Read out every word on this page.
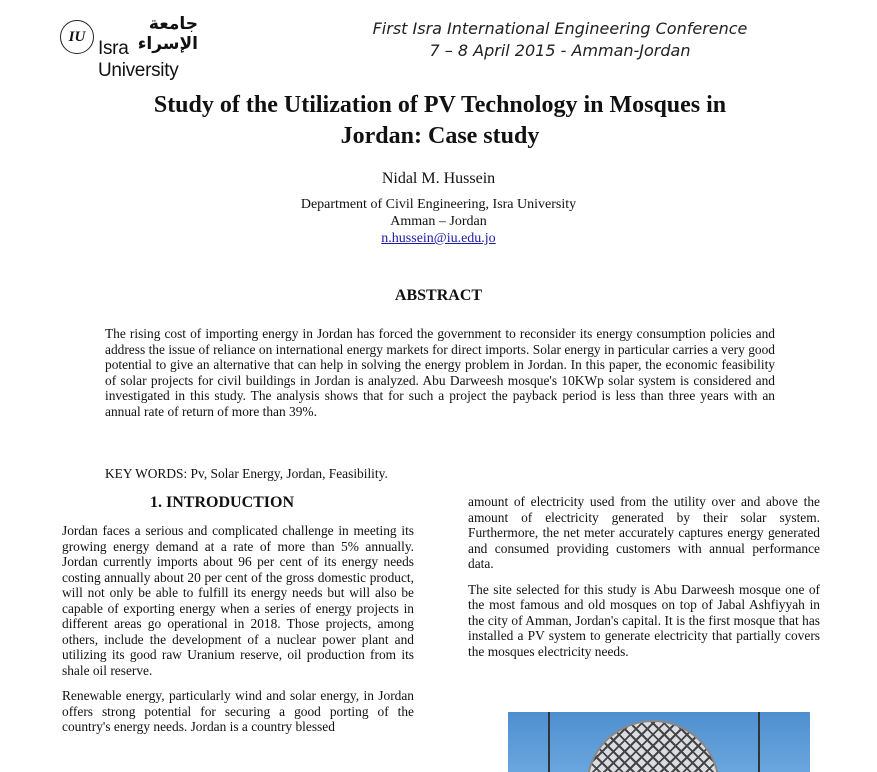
IU
جامعة الإسراء
Isra University
First Isra International Engineering Conference
7 – 8 April 2015 - Amman-Jordan
Study of the Utilization of PV Technology in Mosques in
Jordan: Case study
Nidal M. Hussein
Department of Civil Engineering, Isra University
Amman – Jordan
n.hussein@iu.edu.jo
ABSTRACT
The rising cost of importing energy in Jordan has forced the government to reconsider its energy consumption policies and address the issue of reliance on international energy markets for direct imports. Solar energy in particular carries a very good potential to give an alternative that can help in solving the energy problem in Jordan. In this paper, the economic feasibility of solar projects for civil buildings in Jordan is analyzed. Abu Darweesh mosque's 10KWp solar system is considered and investigated in this study. The analysis shows that for such a project the payback period is less than three years with an annual rate of return of more than 39%.
KEY WORDS: Pv, Solar Energy, Jordan, Feasibility.
1. INTRODUCTION

Jordan faces a serious and complicated challenge in meeting its growing energy demand at a rate of more than 5% annually. Jordan currently imports about 96 per cent of its energy needs costing annually about 20 per cent of the gross domestic product, will not only be able to fulfill its energy needs but will also be capable of exporting energy when a series of energy projects in different areas go operational in 2018. Those projects, among others, include the development of a nuclear power plant and utilizing its good raw Uranium reserve, oil production from its shale oil reserve.

Renewable energy, particularly wind and solar energy, in Jordan offers strong potential for securing a good porting of the country's energy needs. Jordan is a country blessed

amount of electricity used from the utility over and above the amount of electricity generated by their solar system. Furthermore, the net meter accurately captures energy generated and consumed providing customers with annual performance data.

The site selected for this study is Abu Darweesh mosque one of the most famous and old mosques on top of Jabal Ashfiyyah in the city of Amman, Jordan's capital. It is the first mosque that has installed a PV system to generate electricity that partially covers the mosques electricity needs.
